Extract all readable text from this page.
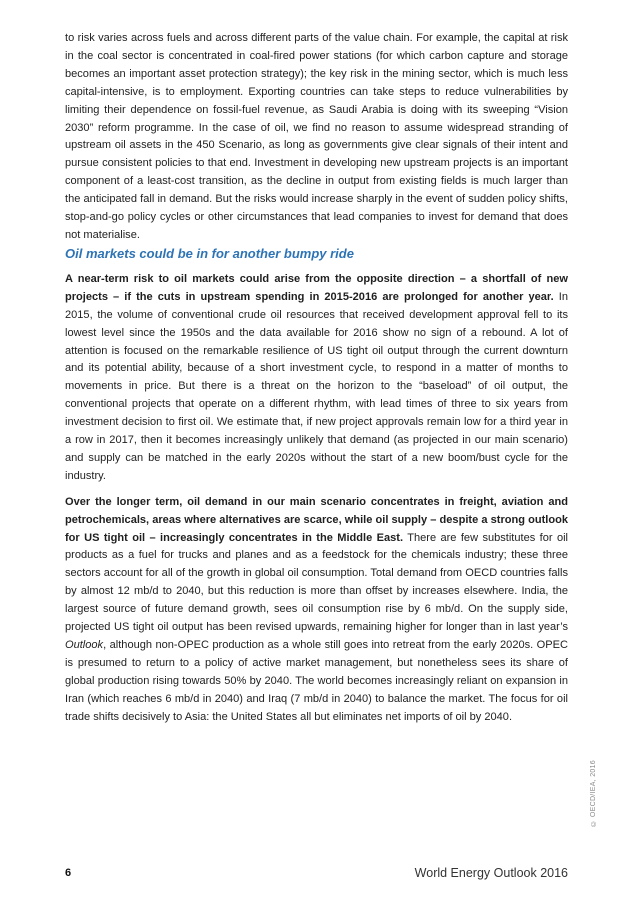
to risk varies across fuels and across different parts of the value chain. For example, the capital at risk in the coal sector is concentrated in coal-fired power stations (for which carbon capture and storage becomes an important asset protection strategy); the key risk in the mining sector, which is much less capital-intensive, is to employment. Exporting countries can take steps to reduce vulnerabilities by limiting their dependence on fossil-fuel revenue, as Saudi Arabia is doing with its sweeping “Vision 2030” reform programme. In the case of oil, we find no reason to assume widespread stranding of upstream oil assets in the 450 Scenario, as long as governments give clear signals of their intent and pursue consistent policies to that end. Investment in developing new upstream projects is an important component of a least-cost transition, as the decline in output from existing fields is much larger than the anticipated fall in demand. But the risks would increase sharply in the event of sudden policy shifts, stop-and-go policy cycles or other circumstances that lead companies to invest for demand that does not materialise.

Oil markets could be in for another bumpy ride

A near-term risk to oil markets could arise from the opposite direction – a shortfall of new projects – if the cuts in upstream spending in 2015-2016 are prolonged for another year. In 2015, the volume of conventional crude oil resources that received development approval fell to its lowest level since the 1950s and the data available for 2016 show no sign of a rebound. A lot of attention is focused on the remarkable resilience of US tight oil output through the current downturn and its potential ability, because of a short investment cycle, to respond in a matter of months to movements in price. But there is a threat on the horizon to the “baseload” of oil output, the conventional projects that operate on a different rhythm, with lead times of three to six years from investment decision to first oil. We estimate that, if new project approvals remain low for a third year in a row in 2017, then it becomes increasingly unlikely that demand (as projected in our main scenario) and supply can be matched in the early 2020s without the start of a new boom/bust cycle for the industry.

Over the longer term, oil demand in our main scenario concentrates in freight, aviation and petrochemicals, areas where alternatives are scarce, while oil supply – despite a strong outlook for US tight oil – increasingly concentrates in the Middle East. There are few substitutes for oil products as a fuel for trucks and planes and as a feedstock for the chemicals industry; these three sectors account for all of the growth in global oil consumption. Total demand from OECD countries falls by almost 12 mb/d to 2040, but this reduction is more than offset by increases elsewhere. India, the largest source of future demand growth, sees oil consumption rise by 6 mb/d. On the supply side, projected US tight oil output has been revised upwards, remaining higher for longer than in last year’s Outlook, although non-OPEC production as a whole still goes into retreat from the early 2020s. OPEC is presumed to return to a policy of active market management, but nonetheless sees its share of global production rising towards 50% by 2040. The world becomes increasingly reliant on expansion in Iran (which reaches 6 mb/d in 2040) and Iraq (7 mb/d in 2040) to balance the market. The focus for oil trade shifts decisively to Asia: the United States all but eliminates net imports of oil by 2040.

6	World Energy Outlook 2016
© OECD/IEA, 2016
